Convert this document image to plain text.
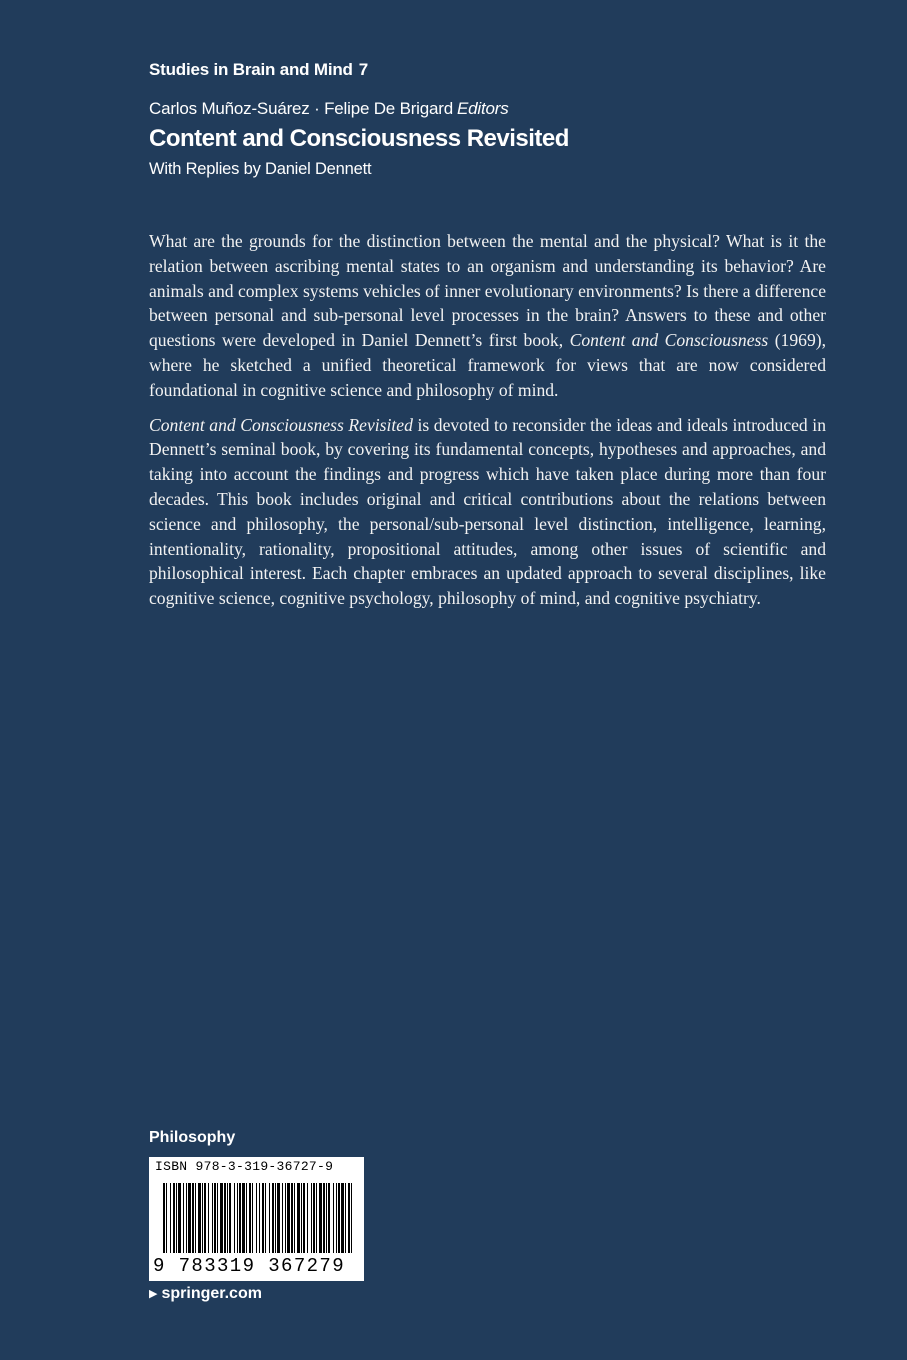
Studies in Brain and Mind 7
Carlos Muñoz-Suárez · Felipe De Brigard Editors
Content and Consciousness Revisited
With Replies by Daniel Dennett

What are the grounds for the distinction between the mental and the physical? What is it the relation between ascribing mental states to an organism and understanding its behavior? Are animals and complex systems vehicles of inner evolutionary environments? Is there a difference between personal and sub-personal level processes in the brain? Answers to these and other questions were developed in Daniel Dennett’s first book, Content and Consciousness (1969), where he sketched a unified theoretical framework for views that are now considered foundational in cognitive science and philosophy of mind.

Content and Consciousness Revisited is devoted to reconsider the ideas and ideals introduced in Dennett’s seminal book, by covering its fundamental concepts, hypotheses and approaches, and taking into account the findings and progress which have taken place during more than four decades. This book includes original and critical contributions about the relations between science and philosophy, the personal/sub-personal level distinction, intelligence, learning, intentionality, rationality, propositional attitudes, among other issues of scientific and philosophical interest. Each chapter embraces an updated approach to several disciplines, like cognitive science, cognitive psychology, philosophy of mind, and cognitive psychiatry.

Philosophy
ISBN 978-3-319-36727-9
9 783319 367279
▶ springer.com
